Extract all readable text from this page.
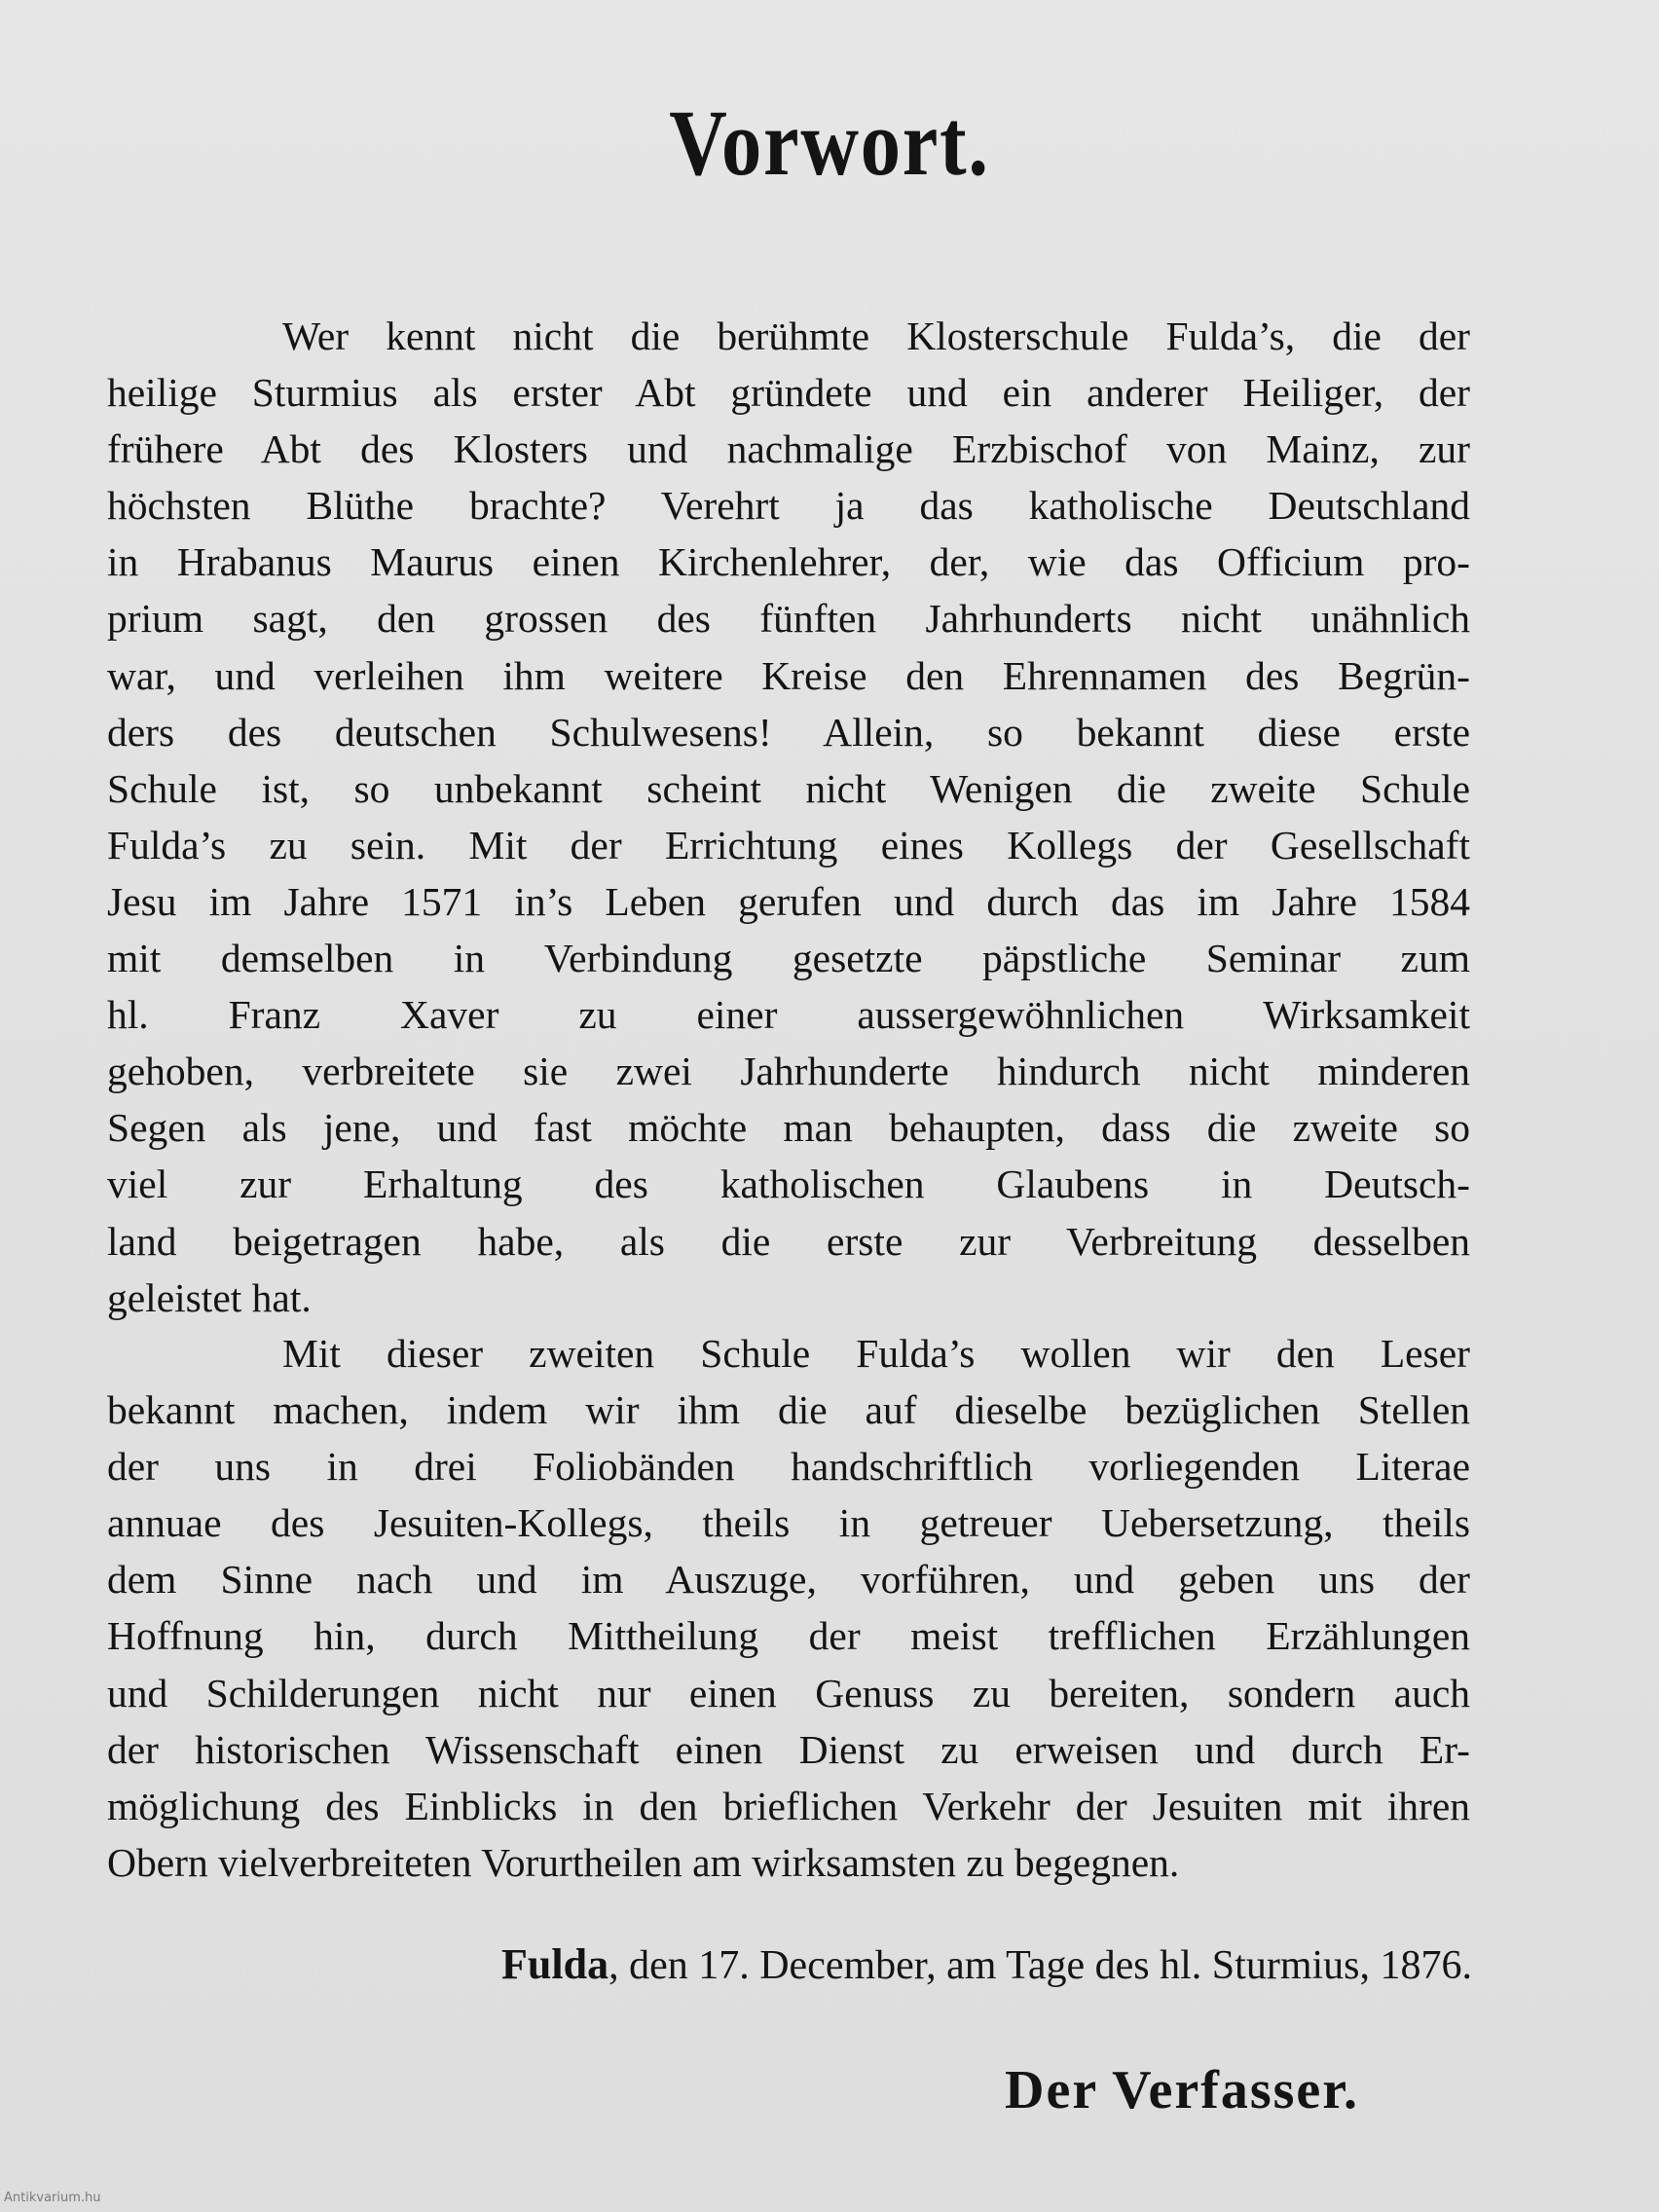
Vorwort.
Wer kennt nicht die berühmte Klosterschule Fulda’s, die der
heilige Sturmius als erster Abt gründete und ein anderer Heiliger, der
frühere Abt des Klosters und nachmalige Erzbischof von Mainz, zur
höchsten Blüthe brachte? Verehrt ja das katholische Deutschland
in Hrabanus Maurus einen Kirchenlehrer, der, wie das Officium pro-
prium sagt, den grossen des fünften Jahrhunderts nicht unähnlich
war, und verleihen ihm weitere Kreise den Ehrennamen des Begrün-
ders des deutschen Schulwesens! Allein, so bekannt diese erste
Schule ist, so unbekannt scheint nicht Wenigen die zweite Schule
Fulda’s zu sein. Mit der Errichtung eines Kollegs der Gesellschaft
Jesu im Jahre 1571 in’s Leben gerufen und durch das im Jahre 1584
mit demselben in Verbindung gesetzte päpstliche Seminar zum
hl. Franz Xaver zu einer aussergewöhnlichen Wirksamkeit
gehoben, verbreitete sie zwei Jahrhunderte hindurch nicht minderen
Segen als jene, und fast möchte man behaupten, dass die zweite so
viel zur Erhaltung des katholischen Glaubens in Deutsch-
land beigetragen habe, als die erste zur Verbreitung desselben
geleistet hat.
Mit dieser zweiten Schule Fulda’s wollen wir den Leser
bekannt machen, indem wir ihm die auf dieselbe bezüglichen Stellen
der uns in drei Foliobänden handschriftlich vorliegenden Literae
annuae des Jesuiten-Kollegs, theils in getreuer Uebersetzung, theils
dem Sinne nach und im Auszuge, vorführen, und geben uns der
Hoffnung hin, durch Mittheilung der meist trefflichen Erzählungen
und Schilderungen nicht nur einen Genuss zu bereiten, sondern auch
der historischen Wissenschaft einen Dienst zu erweisen und durch Er-
möglichung des Einblicks in den brieflichen Verkehr der Jesuiten mit ihren
Obern vielverbreiteten Vorurtheilen am wirksamsten zu begegnen.
Fulda, den 17. December, am Tage des hl. Sturmius, 1876.
Der Verfasser.
Antikvarium.hu
